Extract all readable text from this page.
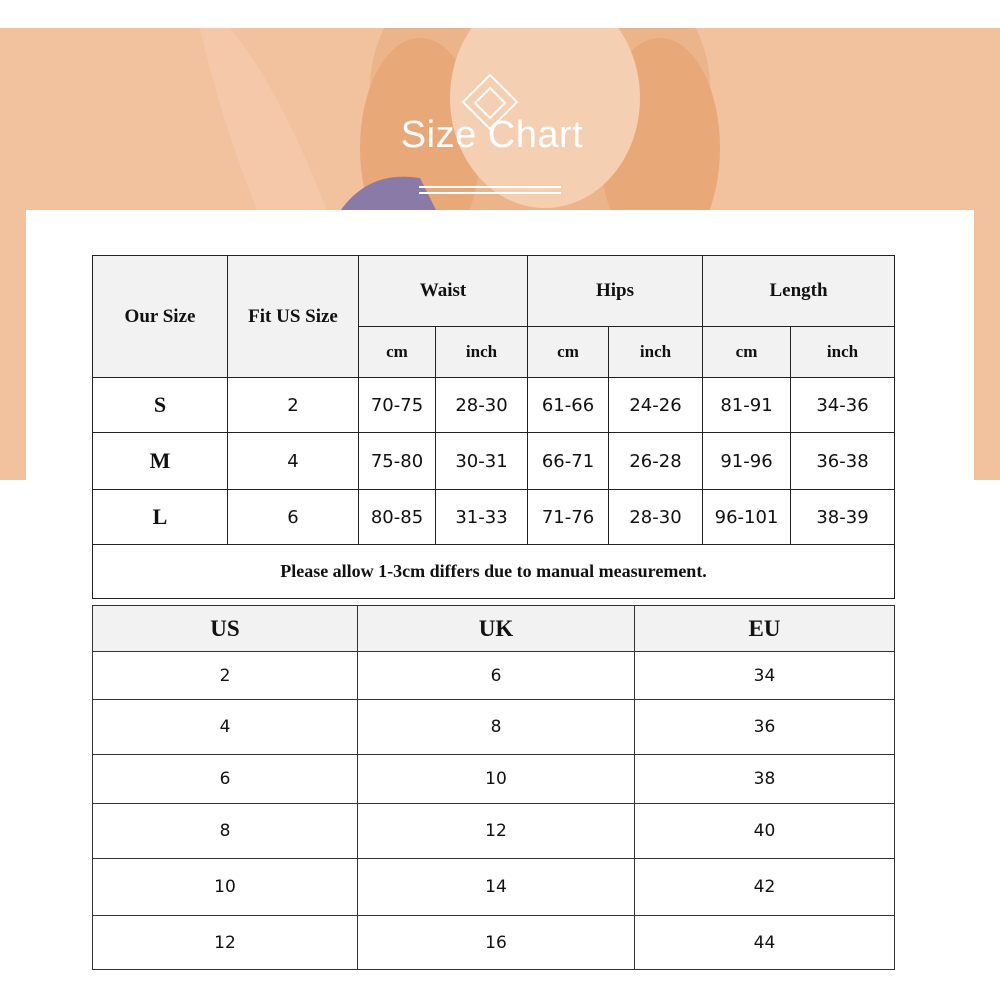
Size Chart
Our Size	Fit US Size	Waist		Hips		Length	
		cm	inch	cm	inch	cm	inch
S	2	70-75	28-30	61-66	24-26	81-91	34-36
M	4	75-80	30-31	66-71	26-28	91-96	36-38
L	6	80-85	31-33	71-76	28-30	96-101	38-39
Please allow 1-3cm differs due to manual measurement.							
US	UK	EU
2	6	34
4	8	36
6	10	38
8	12	40
10	14	42
12	16	44
